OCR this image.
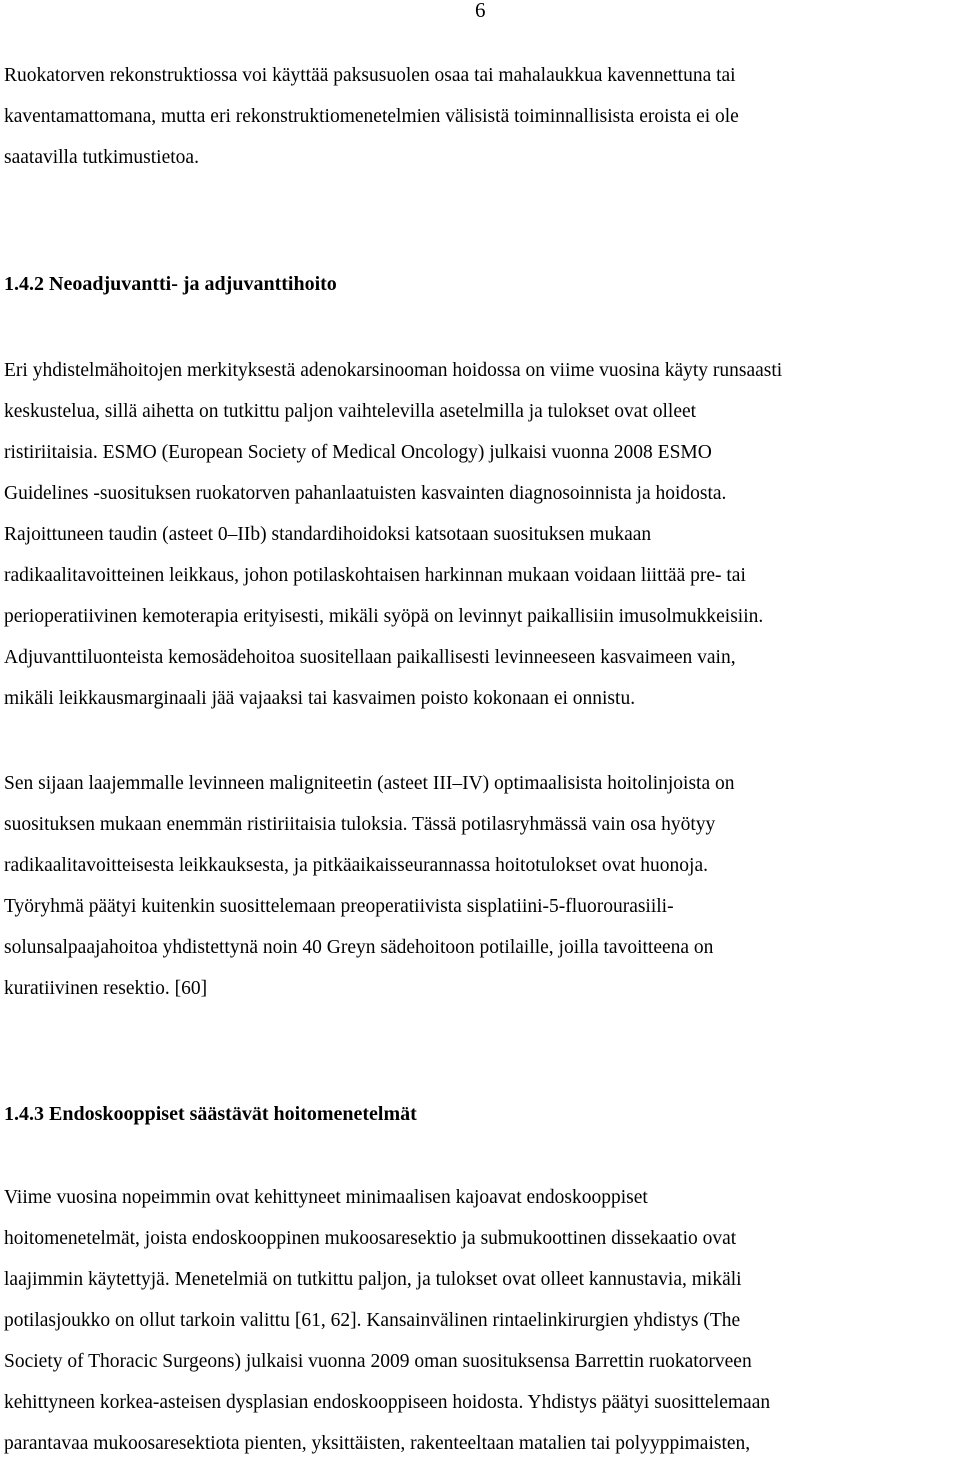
6
Ruokatorven rekonstruktiossa voi käyttää paksusuolen osaa tai mahalaukkua kavennettuna tai
kaventamattomana, mutta eri rekonstruktiomenetelmien välisistä toiminnallisista eroista ei ole
saatavilla tutkimustietoa.
1.4.2 Neoadjuvantti- ja adjuvanttihoito
Eri yhdistelmähoitojen merkityksestä adenokarsinooman hoidossa on viime vuosina käyty runsaasti
keskustelua, sillä aihetta on tutkittu paljon vaihtelevilla asetelmilla ja tulokset ovat olleet
ristiriitaisia. ESMO (European Society of Medical Oncology) julkaisi vuonna 2008 ESMO
Guidelines -suosituksen ruokatorven pahanlaatuisten kasvainten diagnosoinnista ja hoidosta.
Rajoittuneen taudin (asteet 0–IIb) standardihoidoksi katsotaan suosituksen mukaan
radikaalitavoitteinen leikkaus, johon potilaskohtaisen harkinnan mukaan voidaan liittää pre- tai
perioperatiivinen kemoterapia erityisesti, mikäli syöpä on levinnyt paikallisiin imusolmukkeisiin.
Adjuvanttiluonteista kemosädehoitoa suositellaan paikallisesti levinneeseen kasvaimeen vain,
mikäli leikkausmarginaali jää vajaaksi tai kasvaimen poisto kokonaan ei onnistu.
Sen sijaan laajemmalle levinneen maligniteetin (asteet III–IV) optimaalisista hoitolinjoista on
suosituksen mukaan enemmän ristiriitaisia tuloksia. Tässä potilasryhmässä vain osa hyötyy
radikaalitavoitteisesta leikkauksesta, ja pitkäaikaisseurannassa hoitotulokset ovat huonoja.
Työryhmä päätyi kuitenkin suosittelemaan preoperatiivista sisplatiini-5-fluorourasiili-
solunsalpaajahoitoa yhdistettynä noin 40 Greyn sädehoitoon potilaille, joilla tavoitteena on
kuratiivinen resektio. [60]
1.4.3 Endoskooppiset säästävät hoitomenetelmät
Viime vuosina nopeimmin ovat kehittyneet minimaalisen kajoavat endoskooppiset
hoitomenetelmät, joista endoskooppinen mukoosaresektio ja submukoottinen dissekaatio ovat
laajimmin käytettyjä. Menetelmiä on tutkittu paljon, ja tulokset ovat olleet kannustavia, mikäli
potilasjoukko on ollut tarkoin valittu [61, 62]. Kansainvälinen rintaelinkirurgien yhdistys (The
Society of Thoracic Surgeons) julkaisi vuonna 2009 oman suosituksensa Barrettin ruokatorveen
kehittyneen korkea-asteisen dysplasian endoskooppiseen hoidosta. Yhdistys päätyi suosittelemaan
parantavaa mukoosaresektiota pienten, yksittäisten, rakenteeltaan matalien tai polyyppimaisten,
